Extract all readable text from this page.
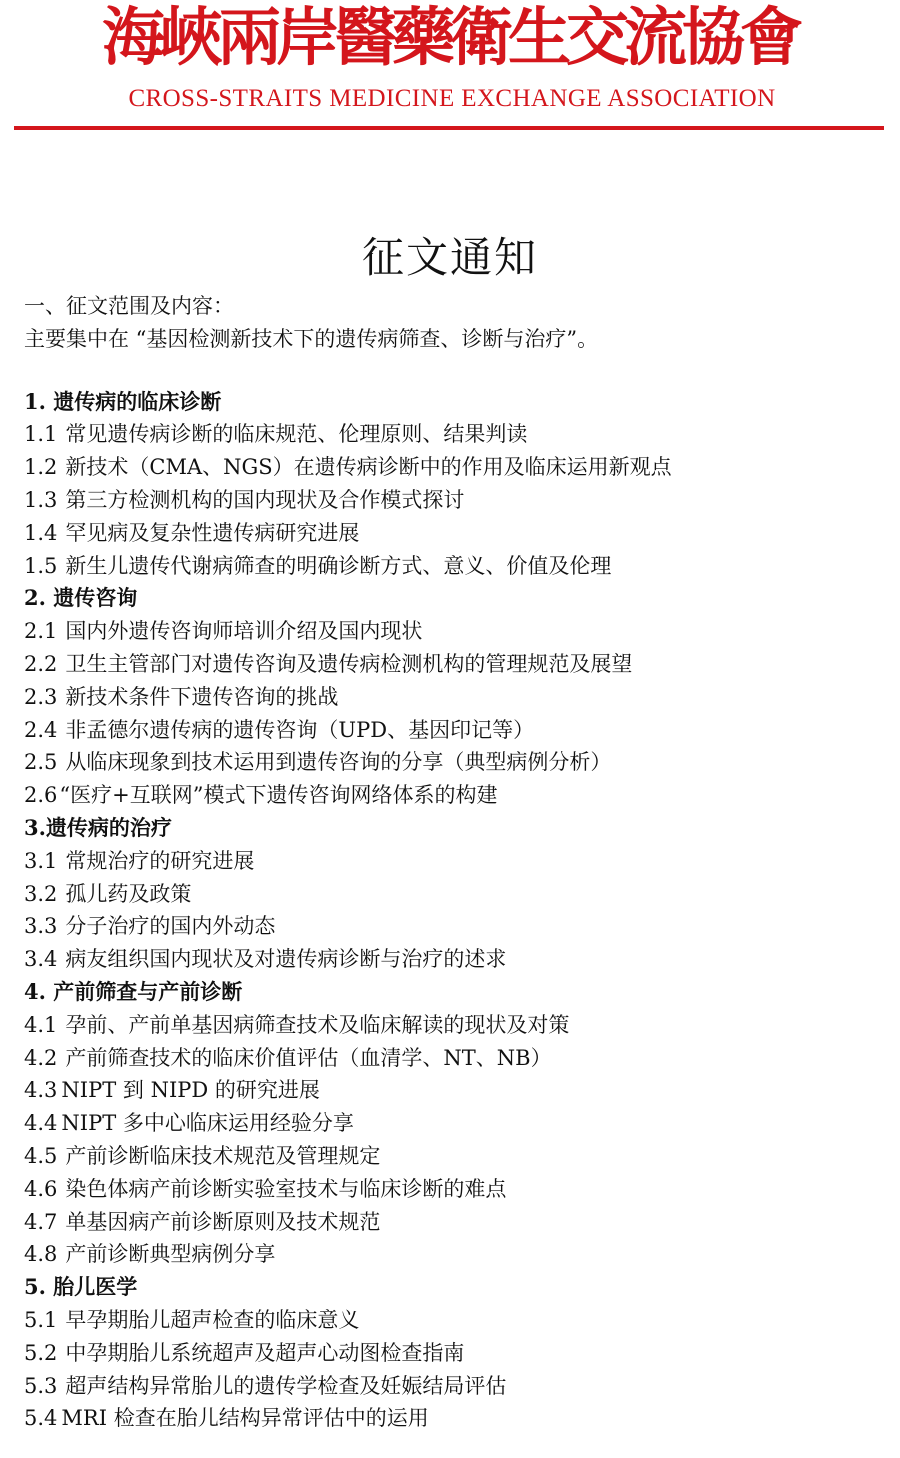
海峽兩岸醫藥衛生交流協會
CROSS-STRAITS MEDICINE EXCHANGE ASSOCIATION
征文通知
一、征文范围及内容：
主要集中在 “基因检测新技术下的遗传病筛查、诊断与治疗”。
1. 遗传病的临床诊断
1.1 常见遗传病诊断的临床规范、伦理原则、结果判读
1.2 新技术（CMA、NGS）在遗传病诊断中的作用及临床运用新观点
1.3 第三方检测机构的国内现状及合作模式探讨
1.4 罕见病及复杂性遗传病研究进展
1.5 新生儿遗传代谢病筛查的明确诊断方式、意义、价值及伦理
2. 遗传咨询
2.1 国内外遗传咨询师培训介绍及国内现状
2.2 卫生主管部门对遗传咨询及遗传病检测机构的管理规范及展望
2.3 新技术条件下遗传咨询的挑战
2.4 非孟德尔遗传病的遗传咨询（UPD、基因印记等）
2.5 从临床现象到技术运用到遗传咨询的分享（典型病例分析）
2.6“医疗+互联网”模式下遗传咨询网络体系的构建
3.遗传病的治疗
3.1 常规治疗的研究进展
3.2 孤儿药及政策
3.3 分子治疗的国内外动态
3.4 病友组织国内现状及对遗传病诊断与治疗的述求
4. 产前筛查与产前诊断
4.1 孕前、产前单基因病筛查技术及临床解读的现状及对策
4.2 产前筛查技术的临床价值评估（血清学、NT、NB）
4.3 NIPT 到 NIPD 的研究进展
4.4 NIPT 多中心临床运用经验分享
4.5 产前诊断临床技术规范及管理规定
4.6 染色体病产前诊断实验室技术与临床诊断的难点
4.7 单基因病产前诊断原则及技术规范
4.8 产前诊断典型病例分享
5. 胎儿医学
5.1 早孕期胎儿超声检查的临床意义
5.2 中孕期胎儿系统超声及超声心动图检查指南
5.3 超声结构异常胎儿的遗传学检查及妊娠结局评估
5.4 MRI 检查在胎儿结构异常评估中的运用
